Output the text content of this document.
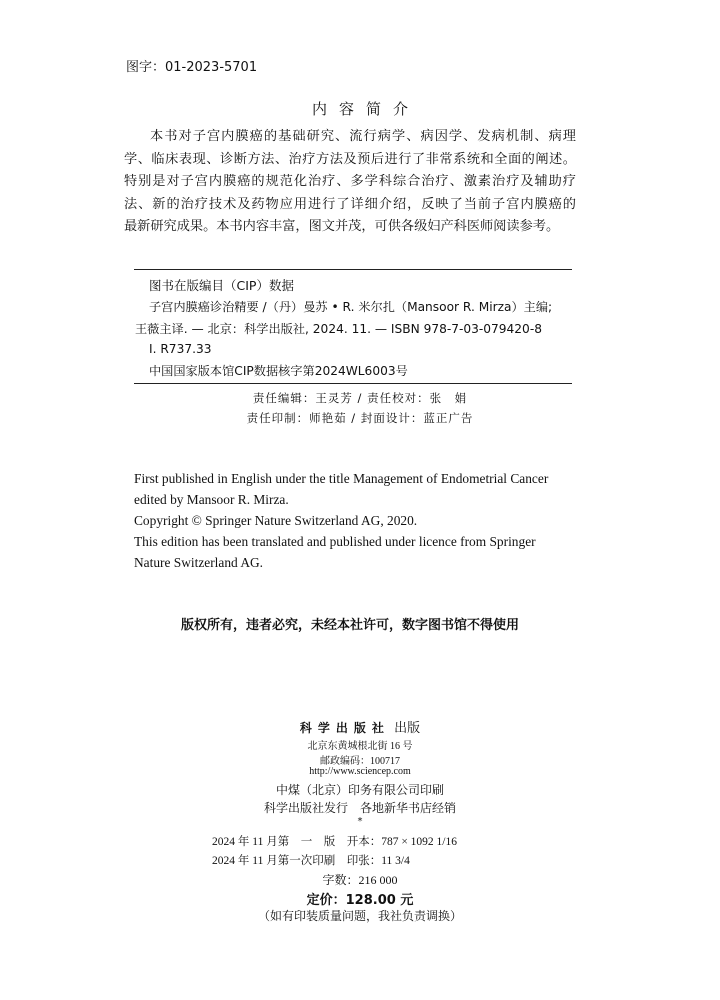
图字：01-2023-5701
内容简介
本书对子宫内膜癌的基础研究、流行病学、病因学、发病机制、病理
学、临床表现、诊断方法、治疗方法及预后进行了非常系统和全面的阐述。
特别是对子宫内膜癌的规范化治疗、多学科综合治疗、激素治疗及辅助疗
法、新的治疗技术及药物应用进行了详细介绍，反映了当前子宫内膜癌的
最新研究成果。本书内容丰富，图文并茂，可供各级妇产科医师阅读参考。
图书在版编目（CIP）数据
子宫内膜癌诊治精要 /（丹）曼苏 • R. 米尔扎（Mansoor R. Mirza）主编;
王薇主译. — 北京：科学出版社, 2024. 11. — ISBN 978-7-03-079420-8
Ⅰ. R737.33
中国国家版本馆CIP数据核字第2024WL6003号
责任编辑：王灵芳 / 责任校对：张　娟
责任印制：师艳茹 / 封面设计：蓝正广告
First published in English under the title Management of Endometrial Cancer
edited by Mansoor R. Mirza.
Copyright © Springer Nature Switzerland AG, 2020.
This edition has been translated and published under licence from Springer
Nature Switzerland AG.
版权所有，违者必究，未经本社许可，数字图书馆不得使用
科学出版社 出版
北京东黄城根北街 16 号
邮政编码：100717
http://www.sciencep.com
中煤（北京）印务有限公司印刷
科学出版社发行　各地新华书店经销
*
2024 年 11 月第　一　版　开本：787 × 1092 1/16
2024 年 11 月第一次印刷　印张：11 3/4
字数：216 000
定价：128.00 元
（如有印装质量问题，我社负责调换）
